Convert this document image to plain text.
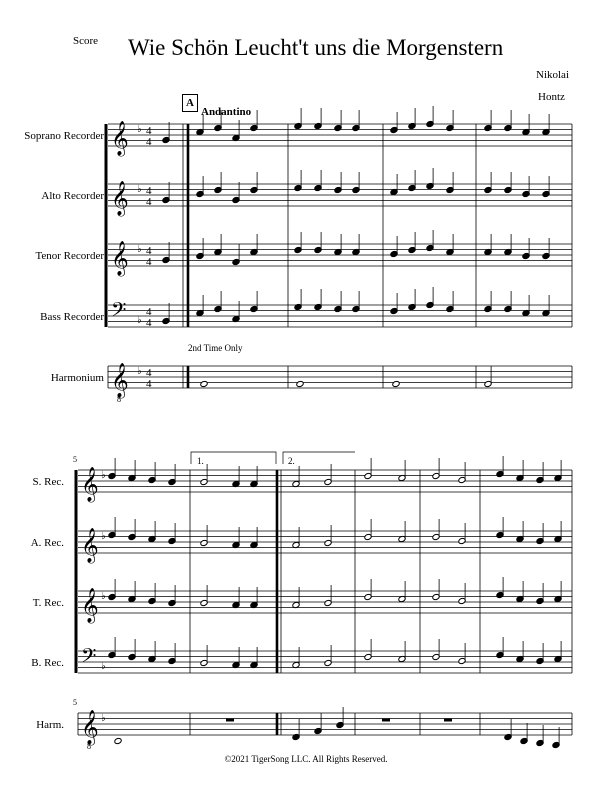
Score Wie Schön Leucht't uns die Morgenstern
Nikolai
Hontz
A
Andantino
Soprano Recorder
Alto Recorder
Tenor Recorder
Bass Recorder
Harmonium
2nd Time Only
S. Rec.
A. Rec.
T. Rec.
B. Rec.
Harm.
5
5
1.	2.
©2021 TigerSong LLC. All Rights Reserved.
𝄞 ♭ 4
4
𝄞 ♭ 4
4
𝄞 ♭ 4
4
𝄢 ♭
4
4
𝄞 ♭ 4
4
𝄞 ♭
𝄞 ♭
𝄞 ♭
𝄢 ♭
𝄞 ♭
8
8
